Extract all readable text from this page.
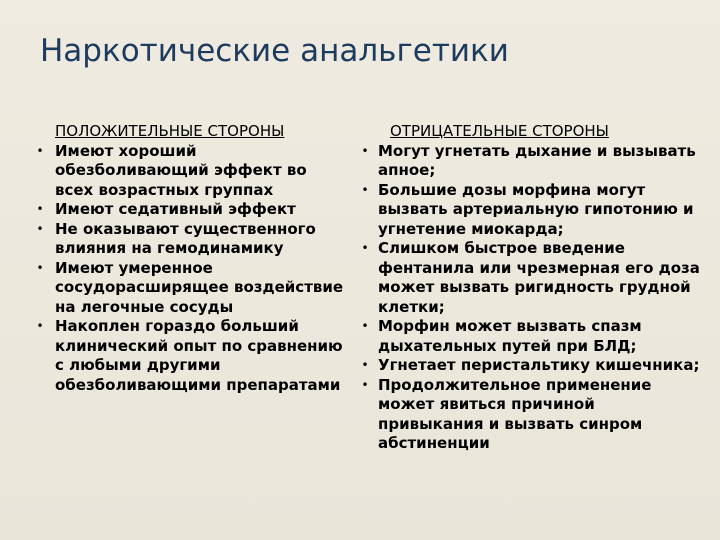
Наркотические анальгетики

ПОЛОЖИТЕЛЬНЫЕ СТОРОНЫ

• Имеют хороший обезболивающий эффект во всех возрастных группах
• Имеют седативный эффект
• Не оказывают существенного влияния на гемодинамику
• Имеют умеренное сосудорасширящее воздействие на легочные сосуды
• Накоплен гораздо больший клинический опыт по сравнению с любыми другими обезболивающими препаратами

ОТРИЦАТЕЛЬНЫЕ СТОРОНЫ

• Могут угнетать дыхание и вызывать апное;
• Большие дозы морфина могут вызвать артериальную гипотонию и угнетение миокарда;
• Слишком быстрое введение фентанила или чрезмерная его доза может вызвать ригидность грудной клетки;
• Морфин может вызвать спазм дыхательных путей при БЛД;
• Угнетает перистальтику кишечника;
• Продолжительное применение может явиться причиной привыкания и вызвать синром абстиненции
